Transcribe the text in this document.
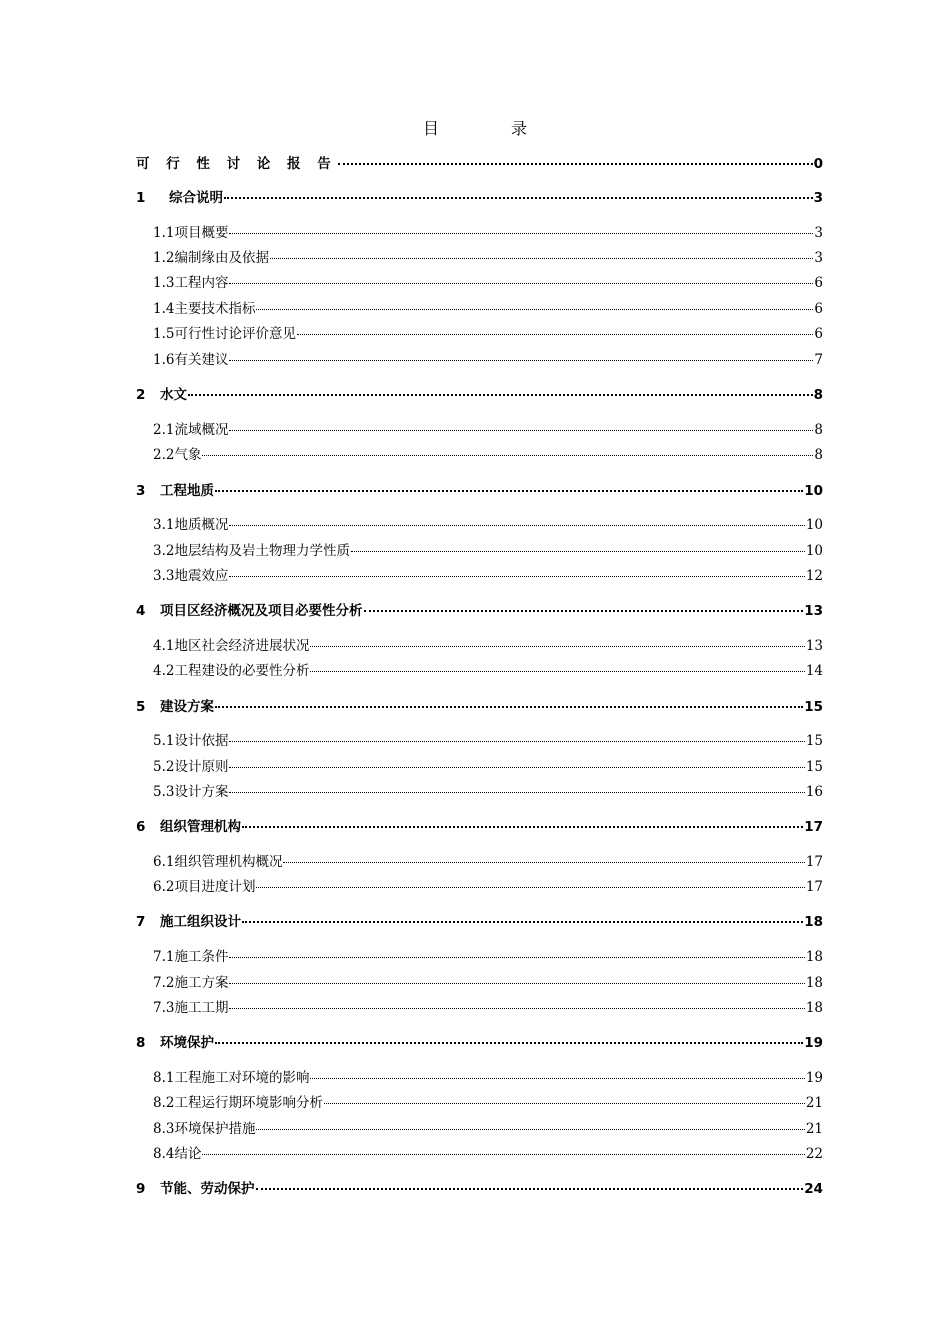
目	录
可 行 性 讨 论 报 告	0
1	综合说明	3
1.1 项目概要	3
1.2 编制缘由及依据	3
1.3 工程内容	6
1.4 主要技术指标	6
1.5 可行性讨论评价意见	6
1.6 有关建议	7
2	水文	8
2.1 流域概况	8
2.2 气象	8
3	工程地质	10
3.1 地质概况	10
3.2 地层结构及岩土物理力学性质	10
3.3 地震效应	12
4	项目区经济概况及项目必要性分析	13
4.1 地区社会经济进展状况	13
4.2 工程建设的必要性分析	14
5	建设方案	15
5.1 设计依据	15
5.2 设计原则	15
5.3 设计方案	16
6	组织管理机构	17
6.1 组织管理机构概况	17
6.2 项目进度计划	17
7	施工组织设计	18
7.1 施工条件	18
7.2 施工方案	18
7.3 施工工期	18
8	环境保护	19
8.1 工程施工对环境的影响	19
8.2 工程运行期环境影响分析	21
8.3 环境保护措施	21
8.4 结论	22
9	节能、劳动保护	24
